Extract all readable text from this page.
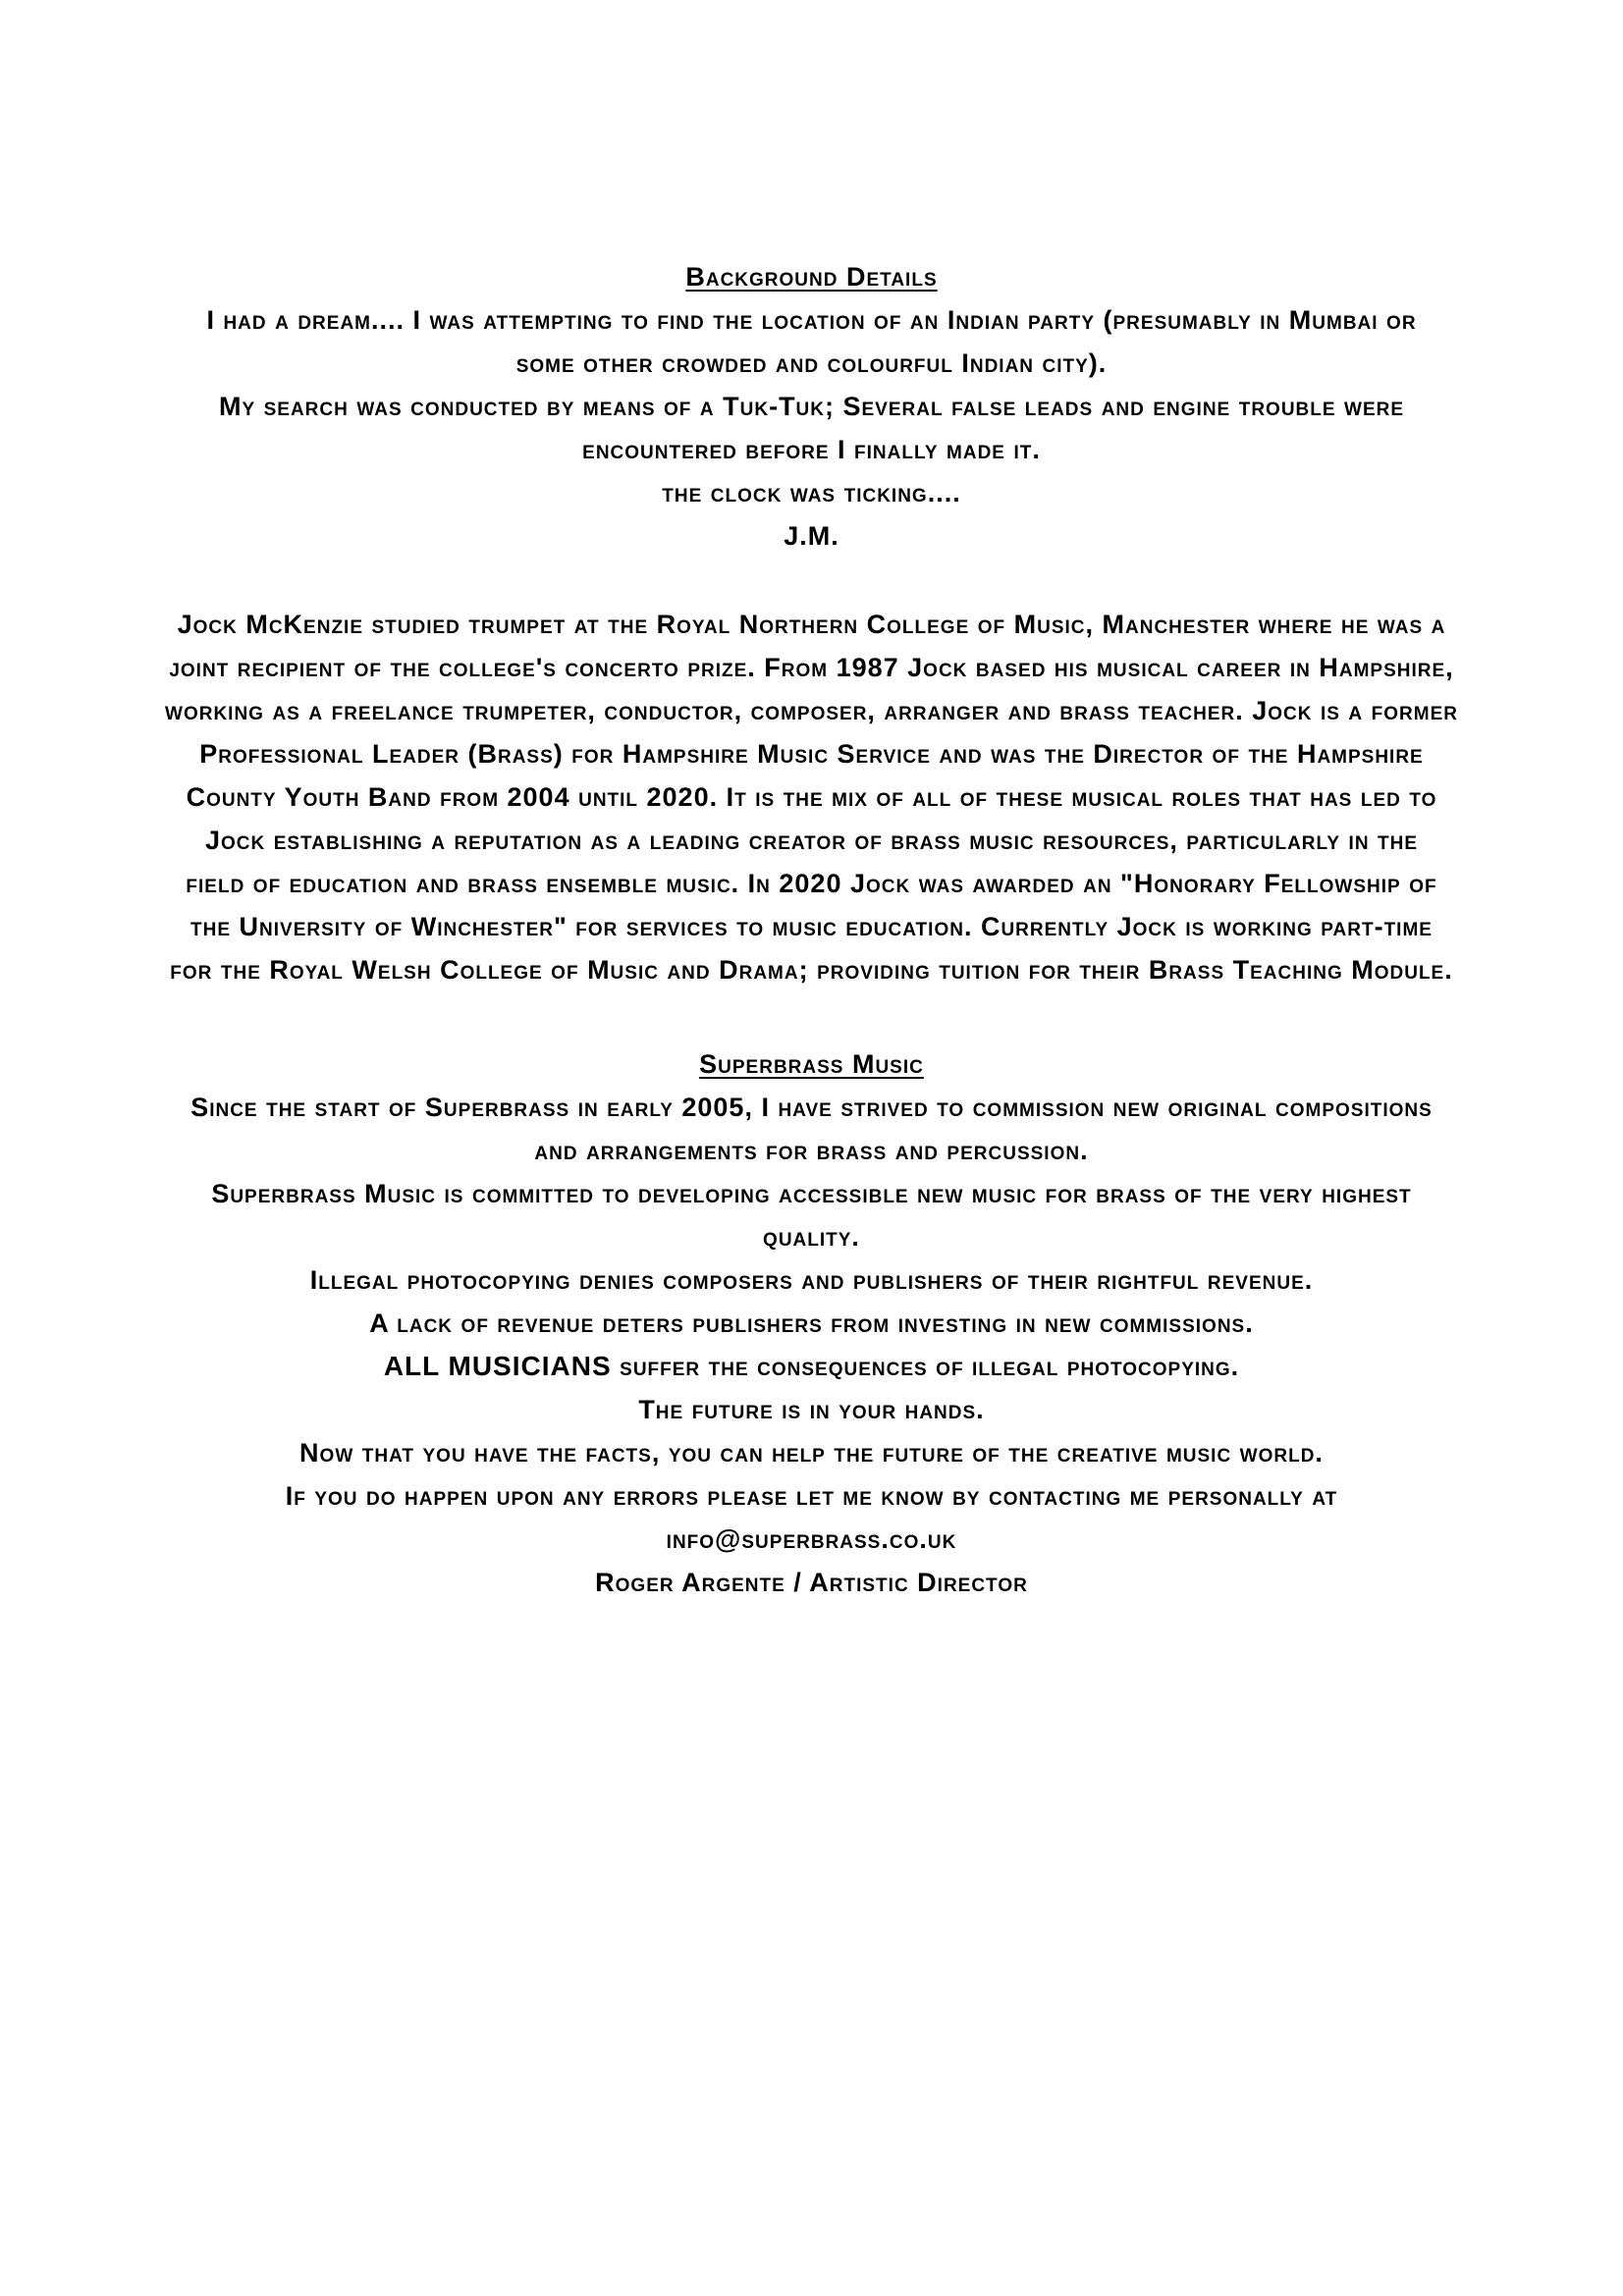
Background Details
I had a dream.... I was attempting to find the location of an Indian party (presumably in Mumbai or
some other crowded and colourful Indian city).
My search was conducted by means of a Tuk-Tuk; Several false leads and engine trouble were
encountered before I finally made it.
the clock was ticking....
J.M.
Jock McKenzie studied trumpet at the Royal Northern College of Music, Manchester where he was a
joint recipient of the college's concerto prize. From 1987 Jock based his musical career in Hampshire,
working as a freelance trumpeter, conductor, composer, arranger and brass teacher. Jock is a former
Professional Leader (Brass) for Hampshire Music Service and was the Director of the Hampshire
County Youth Band from 2004 until 2020. It is the mix of all of these musical roles that has led to
Jock establishing a reputation as a leading creator of brass music resources, particularly in the
field of education and brass ensemble music. In 2020 Jock was awarded an "Honorary Fellowship of
the University of Winchester" for services to music education. Currently Jock is working part-time
for the Royal Welsh College of Music and Drama; providing tuition for their Brass Teaching Module.
Superbrass Music
Since the start of Superbrass in early 2005, I have strived to commission new original compositions
and arrangements for brass and percussion.
Superbrass Music is committed to developing accessible new music for brass of the very highest
quality.
Illegal photocopying denies composers and publishers of their rightful revenue.
A lack of revenue deters publishers from investing in new commissions.
ALL MUSICIANS suffer the consequences of illegal photocopying.
The future is in your hands.
Now that you have the facts, you can help the future of the creative music world.
If you do happen upon any errors please let me know by contacting me personally at
info@superbrass.co.uk
Roger Argente / Artistic Director
